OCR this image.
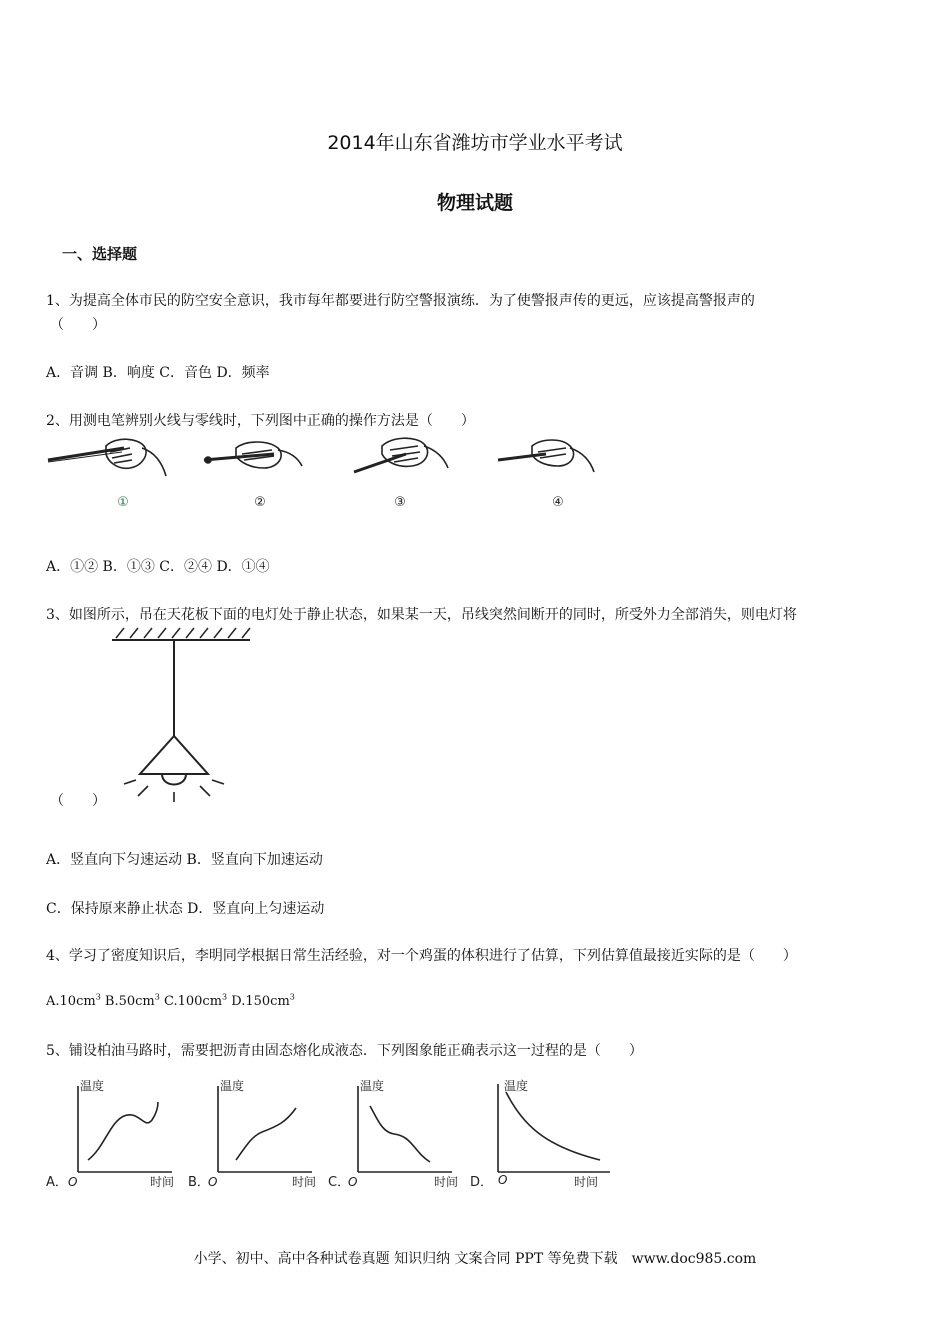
2014年山东省潍坊市学业水平考试
物理试题
一、选择题
1、为提高全体市民的防空安全意识，我市每年都要进行防空警报演练．为了使警报声传的更远，应该提高警报声的
（　　）
A．音调 B．响度 C．音色 D．频率
2、用测电笔辨别火线与零线时，下列图中正确的操作方法是（　　）
①	②	③	④
A．①② B．①③ C．②④ D．①④
3、如图所示，吊在天花板下面的电灯处于静止状态，如果某一天，吊线突然间断开的同时，所受外力全部消失，则电灯将
（　　）
A．竖直向下匀速运动 B．竖直向下加速运动
C．保持原来静止状态 D．竖直向上匀速运动
4、学习了密度知识后，李明同学根据日常生活经验，对一个鸡蛋的体积进行了估算，下列估算值最接近实际的是（　　）
$A.10cm^3$ $B.50cm^3$ $C.100cm^3$ $D.150cm^3$
5、铺设柏油马路时，需要把沥青由固态熔化成液态．下列图象能正确表示这一过程的是（　　）
A．
温度
O	时间 B．
温度
O	时间 C．
温度
O	时间 D．
温度
O	时间
小学、初中、高中各种试卷真题 知识归纳 文案合同 PPT 等免费下载　www.doc985.com
